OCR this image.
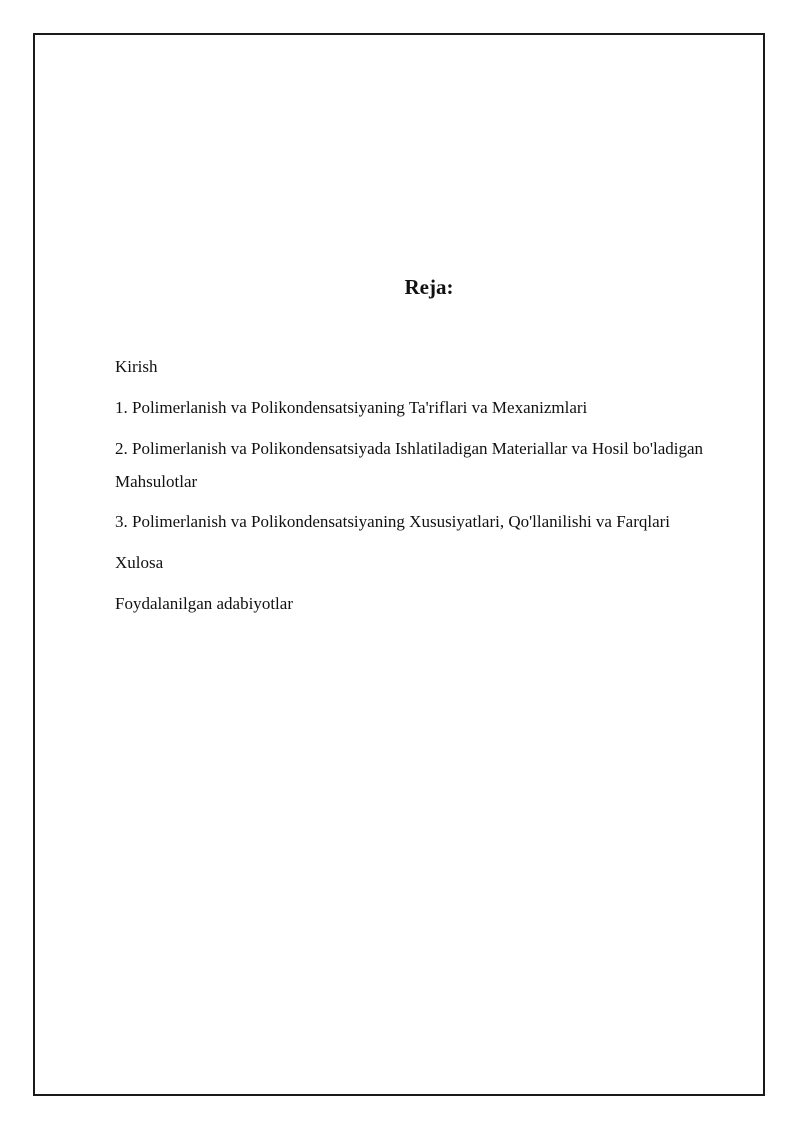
Reja:
Kirish
1. Polimerlanish va Polikondensatsiyaning Ta'riflari va Mexanizmlari
2. Polimerlanish va Polikondensatsiyada Ishlatiladigan Materiallar va Hosil bo'ladigan Mahsulotlar
3. Polimerlanish va Polikondensatsiyaning Xususiyatlari, Qo'llanilishi va Farqlari
Xulosa
Foydalanilgan adabiyotlar
